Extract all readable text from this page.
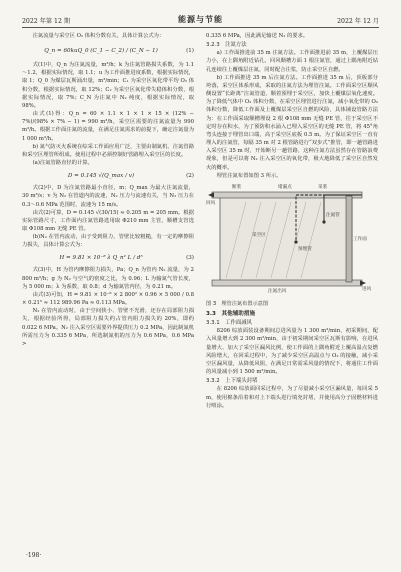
2022 年第 12 期	能源与节能	2022 年 12 月

注氮流量与采空区 O₂ 体积分数有关，具体计算公式为：

Q_n = 60kuQ_0 (C_1 − C_2) / (C_N − 1)	(1)

式(1)中，Q_n 为注氮流量，m³/h；k 为注氮管路损失系数，为 1.1～1.2，根据实际情况，取 1.1；u 为工作面推进度系数，根据实际情况，取 1；Q_0 为煤层瓦斯涌出量，m³/min；C₁ 为采空区氧化带平均 O₂ 体积分数，根据实际情况，取 12%；C₂ 为采空区氧化带失稳体积分数，根据实际情况，取 7%；C_N 为注氮中 N₂ 纯度，根据实际情况，取 98%。

由式(1)得：Q_n = 60 × 1.1 × 1 × 1 × 15 × (12% − 7%)/(98% × 7% − 1) = 990 m³/h，采空区需要的注氮流量为 990 m³/h。根据工作面注氮的流量，在满足注氮需求的前提下，确定注氮量为 1 000 m³/h。

b) 氮气防灭火系统在综采工作面应用广泛，主要由制氮机、注氮管路和采空区埋管所组成。使用过程中必须控制好管路埋入采空区的长度。

(a)注氮管路直径的计算。

D = 0.145 √(Q_max / v)	(2)

式(2)中，D 为注氮管路最小直径，m；Q_max 为最大注氮流量，30 m³/s；v 为 N₂ 在管道内的流速，N₂ 压力与流速有关，当 N₂ 压力在 0.3～0.6 MPa 范围时，流速为 15 m/s。

由式(2)可算，D = 0.145 √(30/15) ≈ 0.205 m = 205 mm。根据实际管路尺寸，工作面内注氮管路选用取 Φ210 mm 主管，顺槽支管选取 Φ108 mm 无缝 PE 管。

(b)N₂ 在管内流动，由于受到阻力，管壁比较粗糙，有一定的摩擦阻力损失，具体计算公式为：

H = 9.81 × 10⁻⁸ λ Q_n² L / d⁵	(3)

式(3)中，H 为管内摩擦阻力损失，Pa；Q_n 为管内 N₂ 流量，为 2 800 m³/h；g 为 N₂ 与空气的密度之比，为 0.96；L 为输氮气管长度，为 5 000 m；λ 为系数，取 0.8；d 为输氮管内径，为 0.21 m。

由式(3)可知，H = 9.81 × 10⁻⁸ × 2 800² × 0.96 × 5 000 / 0.8 × 0.21⁵ ≈ 112 989.96 Pa ≈ 0.113 MPa。

N₂ 在管内流动时，由于空间狭小、管壁不光滑，还存在局部阻力损失，根据经验所得，局部阻力损失约占管内阻力损失的 20%，即约 0.022 6 MPa。N₂ 注入采空区需要外界提供压力 0.2 MPa，因此制氮机所需压力为 0.335 6 MPa，所选制氮机的压力为 0.6 MPa，0.6 MPa >

0.335 6 MPa，因此满足输送 N₂ 的要求。

3.2.3　注氮方法

a) 工作面推进前 35 m 注氮方法。工作面推进前 35 m，上覆煤层压力小，在上隅角附近钻孔，回风顺槽方面 1 根注氮管，通过上隅角附近钻孔连续往上覆煤层注氮，同时配合注浆，防止采空区自燃。

b) 工作面推进 35 m 后注氮方法。工作面推进 35 m 后，顶板部分垮落，采空区体系形成，采取的注氮方法为埋管注氮。工作面采空区顺风侧设置“长距离”注氮管道，顺着预埋于采空区，加快上覆煤层氧化速度。为了降低气体中 O₂ 体积分数，在采空区埋管进行注氮，减小氧化带的 O₂ 体积分数，降低工作面及上覆煤层采空区自燃的风险，具体铺设管路方法为：在工作面采取顺槽埋设 2 根 Φ108 mm 无缝 PE 管，往于采空区不定时存在积水，为了预防积水涌入已埋入采空区的无缝 PE 管，将 45°角弯头连接于埋管出口端，高于采空区底板 0.5 m。为了保证采空区一直有埋入的注氮管，每隔 35 m 对 2 根管路进行“双步式”推管，即一趟管路进入采空区 35 m 时，开始断另一趟管路，这种注氮方法虽然存在管路浪费现象，但是可以将 N₂ 注入采空区的氧化带，极大地降低了采空区自然发火的概率。

埋管注氮布置如图 3 所示。

断浆	堵漏点	采浆
注氮管
进风
回风
采空区
工作面
注氮出风
预埋管

图 3　埋管注氮布置示意图

3.3　其他辅助措施

3.3.1　工作面减风

8206 综放面装设备期间总进风量为 1 300 m³/min，初采期间，配入风量增大到 2 300 m³/min，由于初采期间采空区瓦斯有影响，在进风量增大、加大了采空区漏风比例，使工作面的上隅角附近上覆高温点复燃风险增大，在回采过程中，为了减少采空区高温点与 O₂ 的接触，减小采空区漏风量，从降低风阻，在满足日常需采风量的情况下，将通往工作面的风量减小到 1 500 m³/min。

3.3.2　上下端头封堵

在 8206 综放面回采过程中，为了尽量减小采空区漏风量，每回采 5 m，使用棉条沿着和对上下端头进行填充封堵，并使用高分子固燃材料进行喷涂。

·198·
